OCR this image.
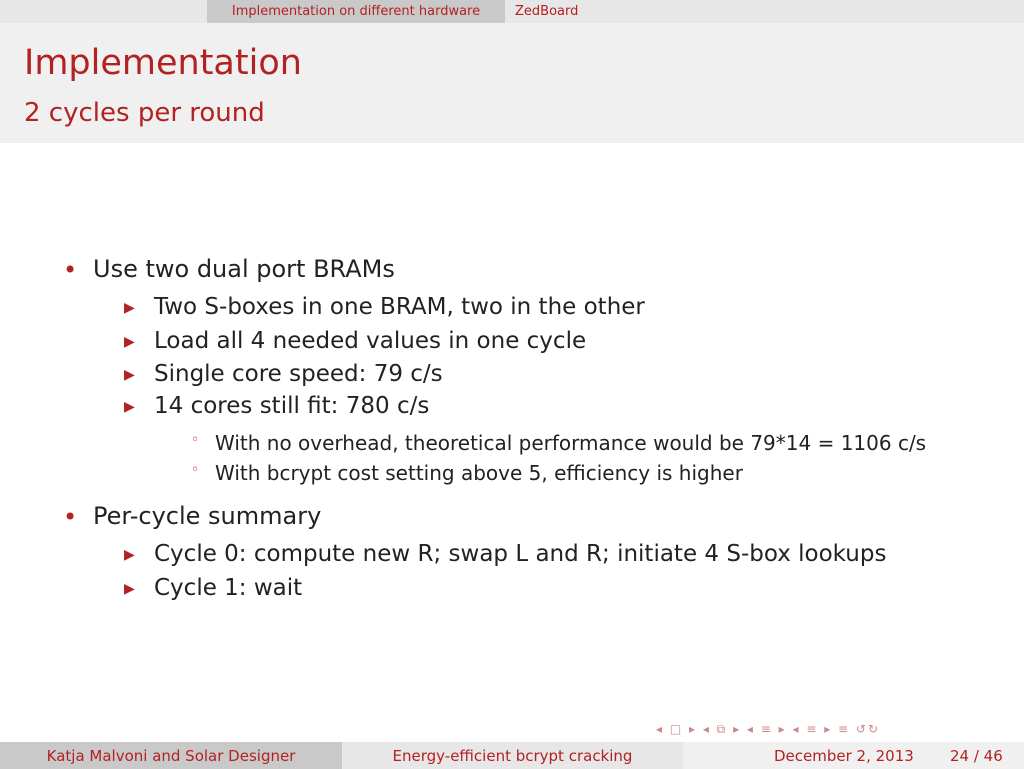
Implementation on different hardware	ZedBoard
Implementation
2 cycles per round
• Use two dual port BRAMs
▶ Two S-boxes in one BRAM, two in the other
▶ Load all 4 needed values in one cycle
▶ Single core speed: 79 c/s
▶ 14 cores still fit: 780 c/s
◦ With no overhead, theoretical performance would be 79*14 = 1106 c/s
◦ With bcrypt cost setting above 5, efficiency is higher
• Per-cycle summary
▶ Cycle 0: compute new R; swap L and R; initiate 4 S-box lookups
▶ Cycle 1: wait
◂ □ ▸ ◂ ⧉ ▸ ◂ ≡ ▸ ◂ ≡ ▸ ≡ ↺↻
Katja Malvoni and Solar Designer	Energy-efficient bcrypt cracking	December 2, 2013 24 / 46
